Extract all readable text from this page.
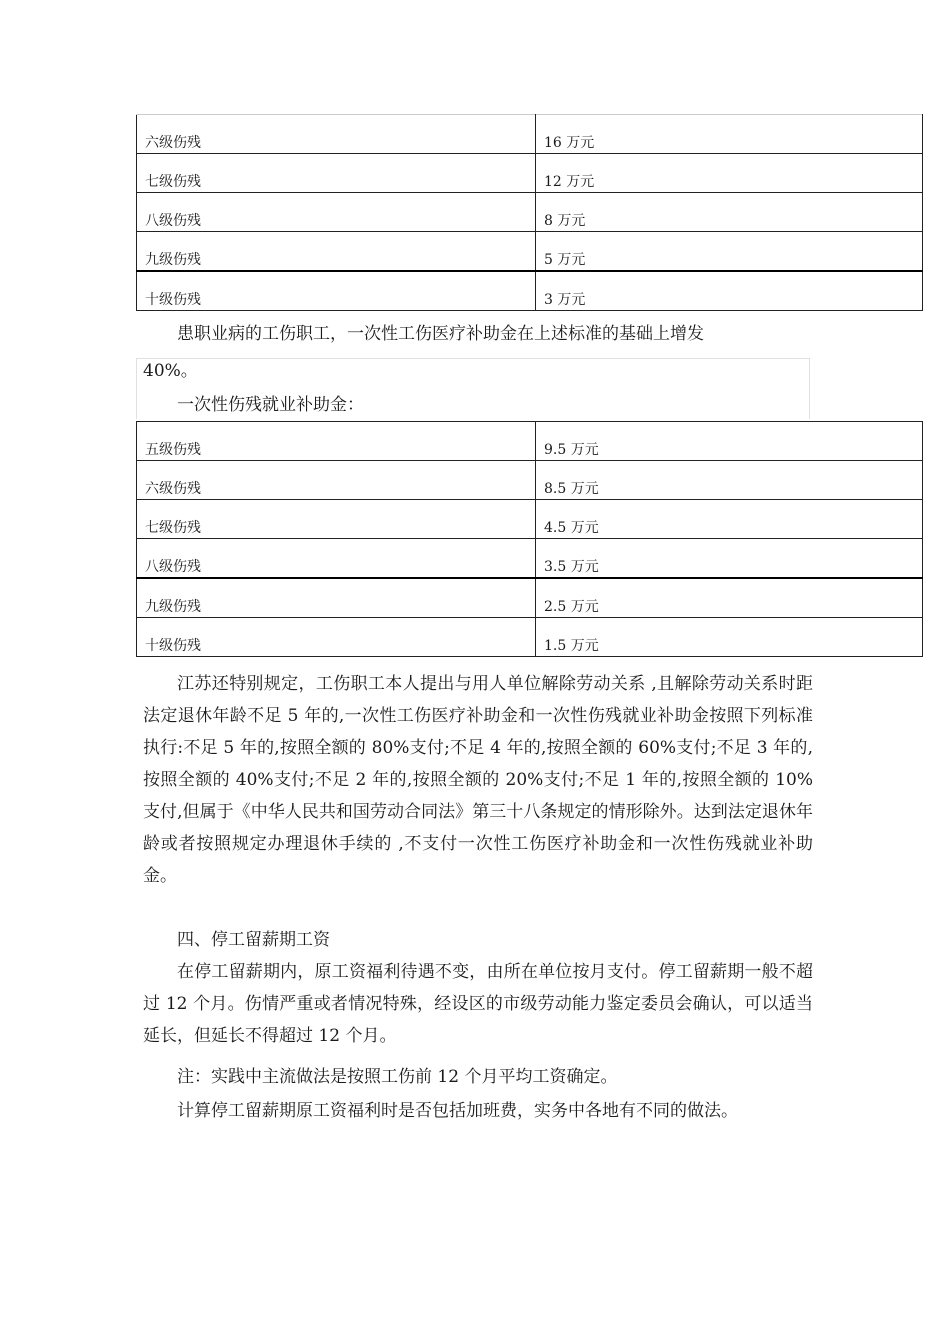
六级伤残	16 万元
七级伤残	12 万元
八级伤残	8 万元
九级伤残	5 万元
十级伤残	3 万元

患职业病的工伤职工，一次性工伤医疗补助金在上述标准的基础上增发

40%。

一次性伤残就业补助金：

五级伤残	9.5 万元
六级伤残	8.5 万元
七级伤残	4.5 万元
八级伤残	3.5 万元
九级伤残	2.5 万元
十级伤残	1.5 万元

江苏还特别规定，工伤职工本人提出与用人单位解除劳动关系 ,且解除劳动关系时距法定退休年龄不足 5 年的,一次性工伤医疗补助金和一次性伤残就业补助金按照下列标准执行:不足 5 年的,按照全额的 80%支付;不足 4 年的,按照全额的 60%支付;不足 3 年的,按照全额的 40%支付;不足 2 年的,按照全额的 20%支付;不足 1 年的,按照全额的 10%支付,但属于《中华人民共和国劳动合同法》第三十八条规定的情形除外。达到法定退休年龄或者按照规定办理退休手续的 ,不支付一次性工伤医疗补助金和一次性伤残就业补助金。

四、停工留薪期工资

在停工留薪期内，原工资福利待遇不变，由所在单位按月支付。停工留薪期一般不超过 12 个月。伤情严重或者情况特殊，经设区的市级劳动能力鉴定委员会确认，可以适当延长，但延长不得超过 12 个月。

注：实践中主流做法是按照工伤前 12 个月平均工资确定。

计算停工留薪期原工资福利时是否包括加班费，实务中各地有不同的做法。
